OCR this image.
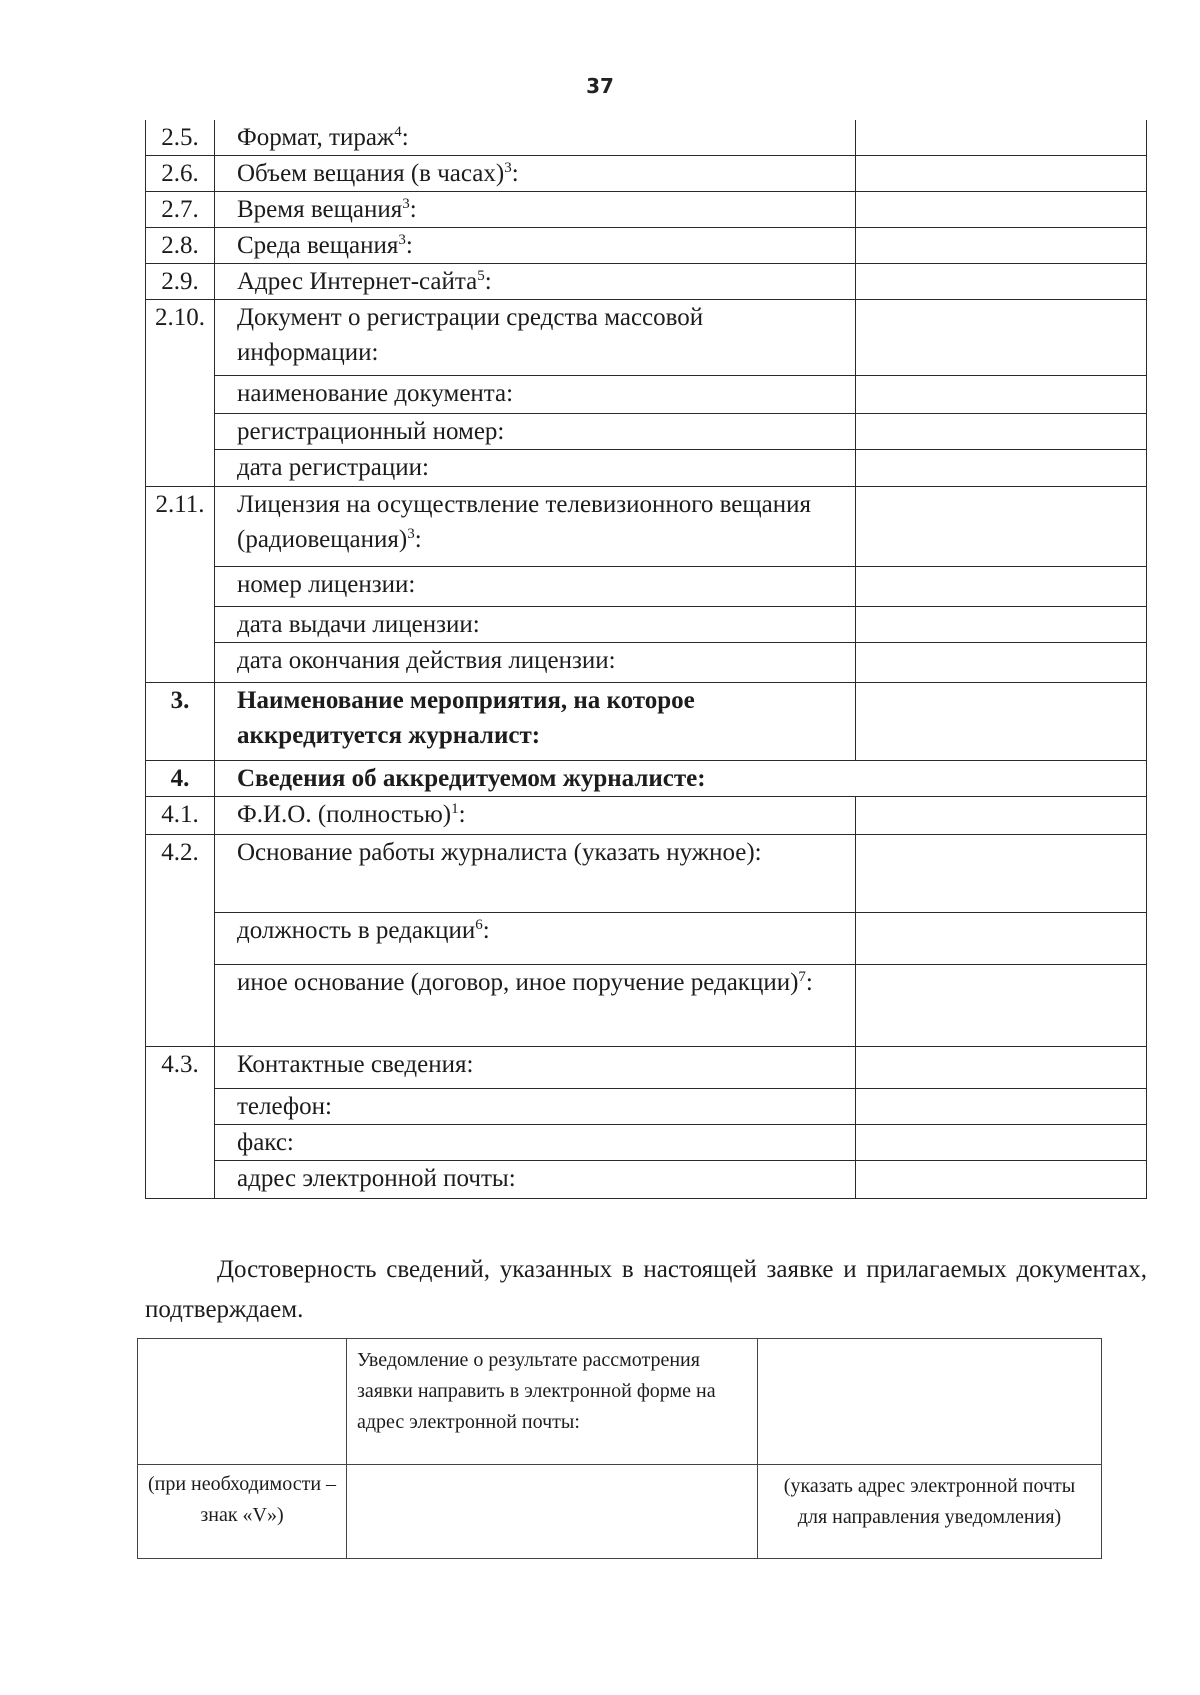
37
2.5.	Формат, тираж$^4$:	
2.6.	Объем вещания (в часах)$^3$:	
2.7.	Время вещания$^3$:	
2.8.	Среда вещания$^3$:	
2.9.	Адрес Интернет-сайта$^5$:	
2.10.	Документ о регистрации средства массовой информации:	
	наименование документа:	
	регистрационный номер:	
	дата регистрации:	
2.11.	Лицензия на осуществление телевизионного вещания (радиовещания)$^3$:	
	номер лицензии:	
	дата выдачи лицензии:	
	дата окончания действия лицензии:	
3.	Наименование мероприятия, на которое аккредитуется журналист:	
4.	Сведения об аккредитуемом журналисте:	
4.1.	Ф.И.О. (полностью)$^1$:	
4.2.	Основание работы журналиста (указать нужное):	
	должность в редакции$^6$:	
	иное основание (договор, иное поручение редакции)$^7$:	
4.3.	Контактные сведения:	
	телефон:	
	факс:	
	адрес электронной почты:	
Достоверность сведений, указанных в настоящей заявке и прилагаемых документах, подтверждаем.
	Уведомление о результате рассмотрения заявки направить в электронной форме на адрес электронной почты:	
(при необходимости – знак «V»)		(указать адрес электронной почты для направления уведомления)
